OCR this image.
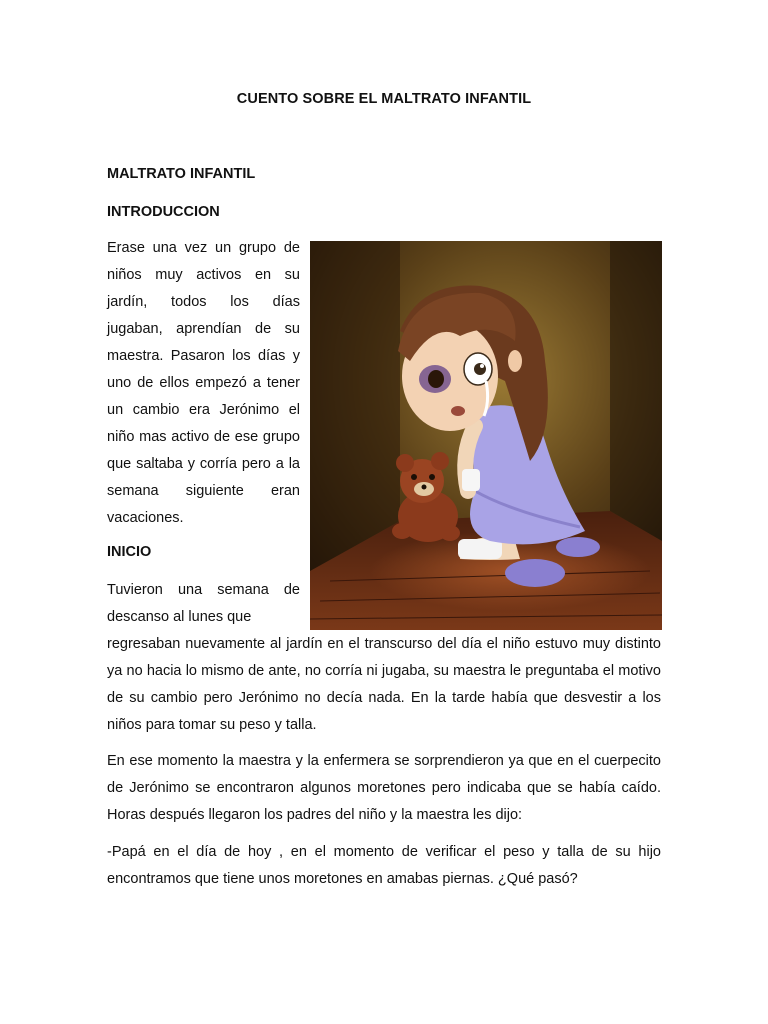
CUENTO SOBRE EL MALTRATO INFANTIL
MALTRATO INFANTIL
INTRODUCCION

Erase una vez un grupo de niños muy activos en su jardín, todos los días jugaban, aprendían de su maestra. Pasaron los días y uno de ellos empezó a tener un cambio era Jerónimo el niño mas activo de ese grupo que saltaba y corría pero a la semana siguiente eran vacaciones.

INICIO

Tuvieron una semana de descanso al lunes que

regresaban nuevamente al jardín en el transcurso del día el niño estuvo muy distinto ya no hacia lo mismo de ante, no corría ni jugaba, su maestra le preguntaba el motivo de su cambio pero Jerónimo no decía nada. En la tarde había que desvestir a los niños para tomar su peso y talla.

En ese momento la maestra y la enfermera se sorprendieron ya que en el cuerpecito de Jerónimo se encontraron algunos moretones pero indicaba que se había caído. Horas después llegaron los padres del niño y la maestra les dijo:

-Papá en el día de hoy , en el momento de verificar el peso y talla de su hijo encontramos que tiene unos moretones en amabas piernas. ¿Qué pasó?
